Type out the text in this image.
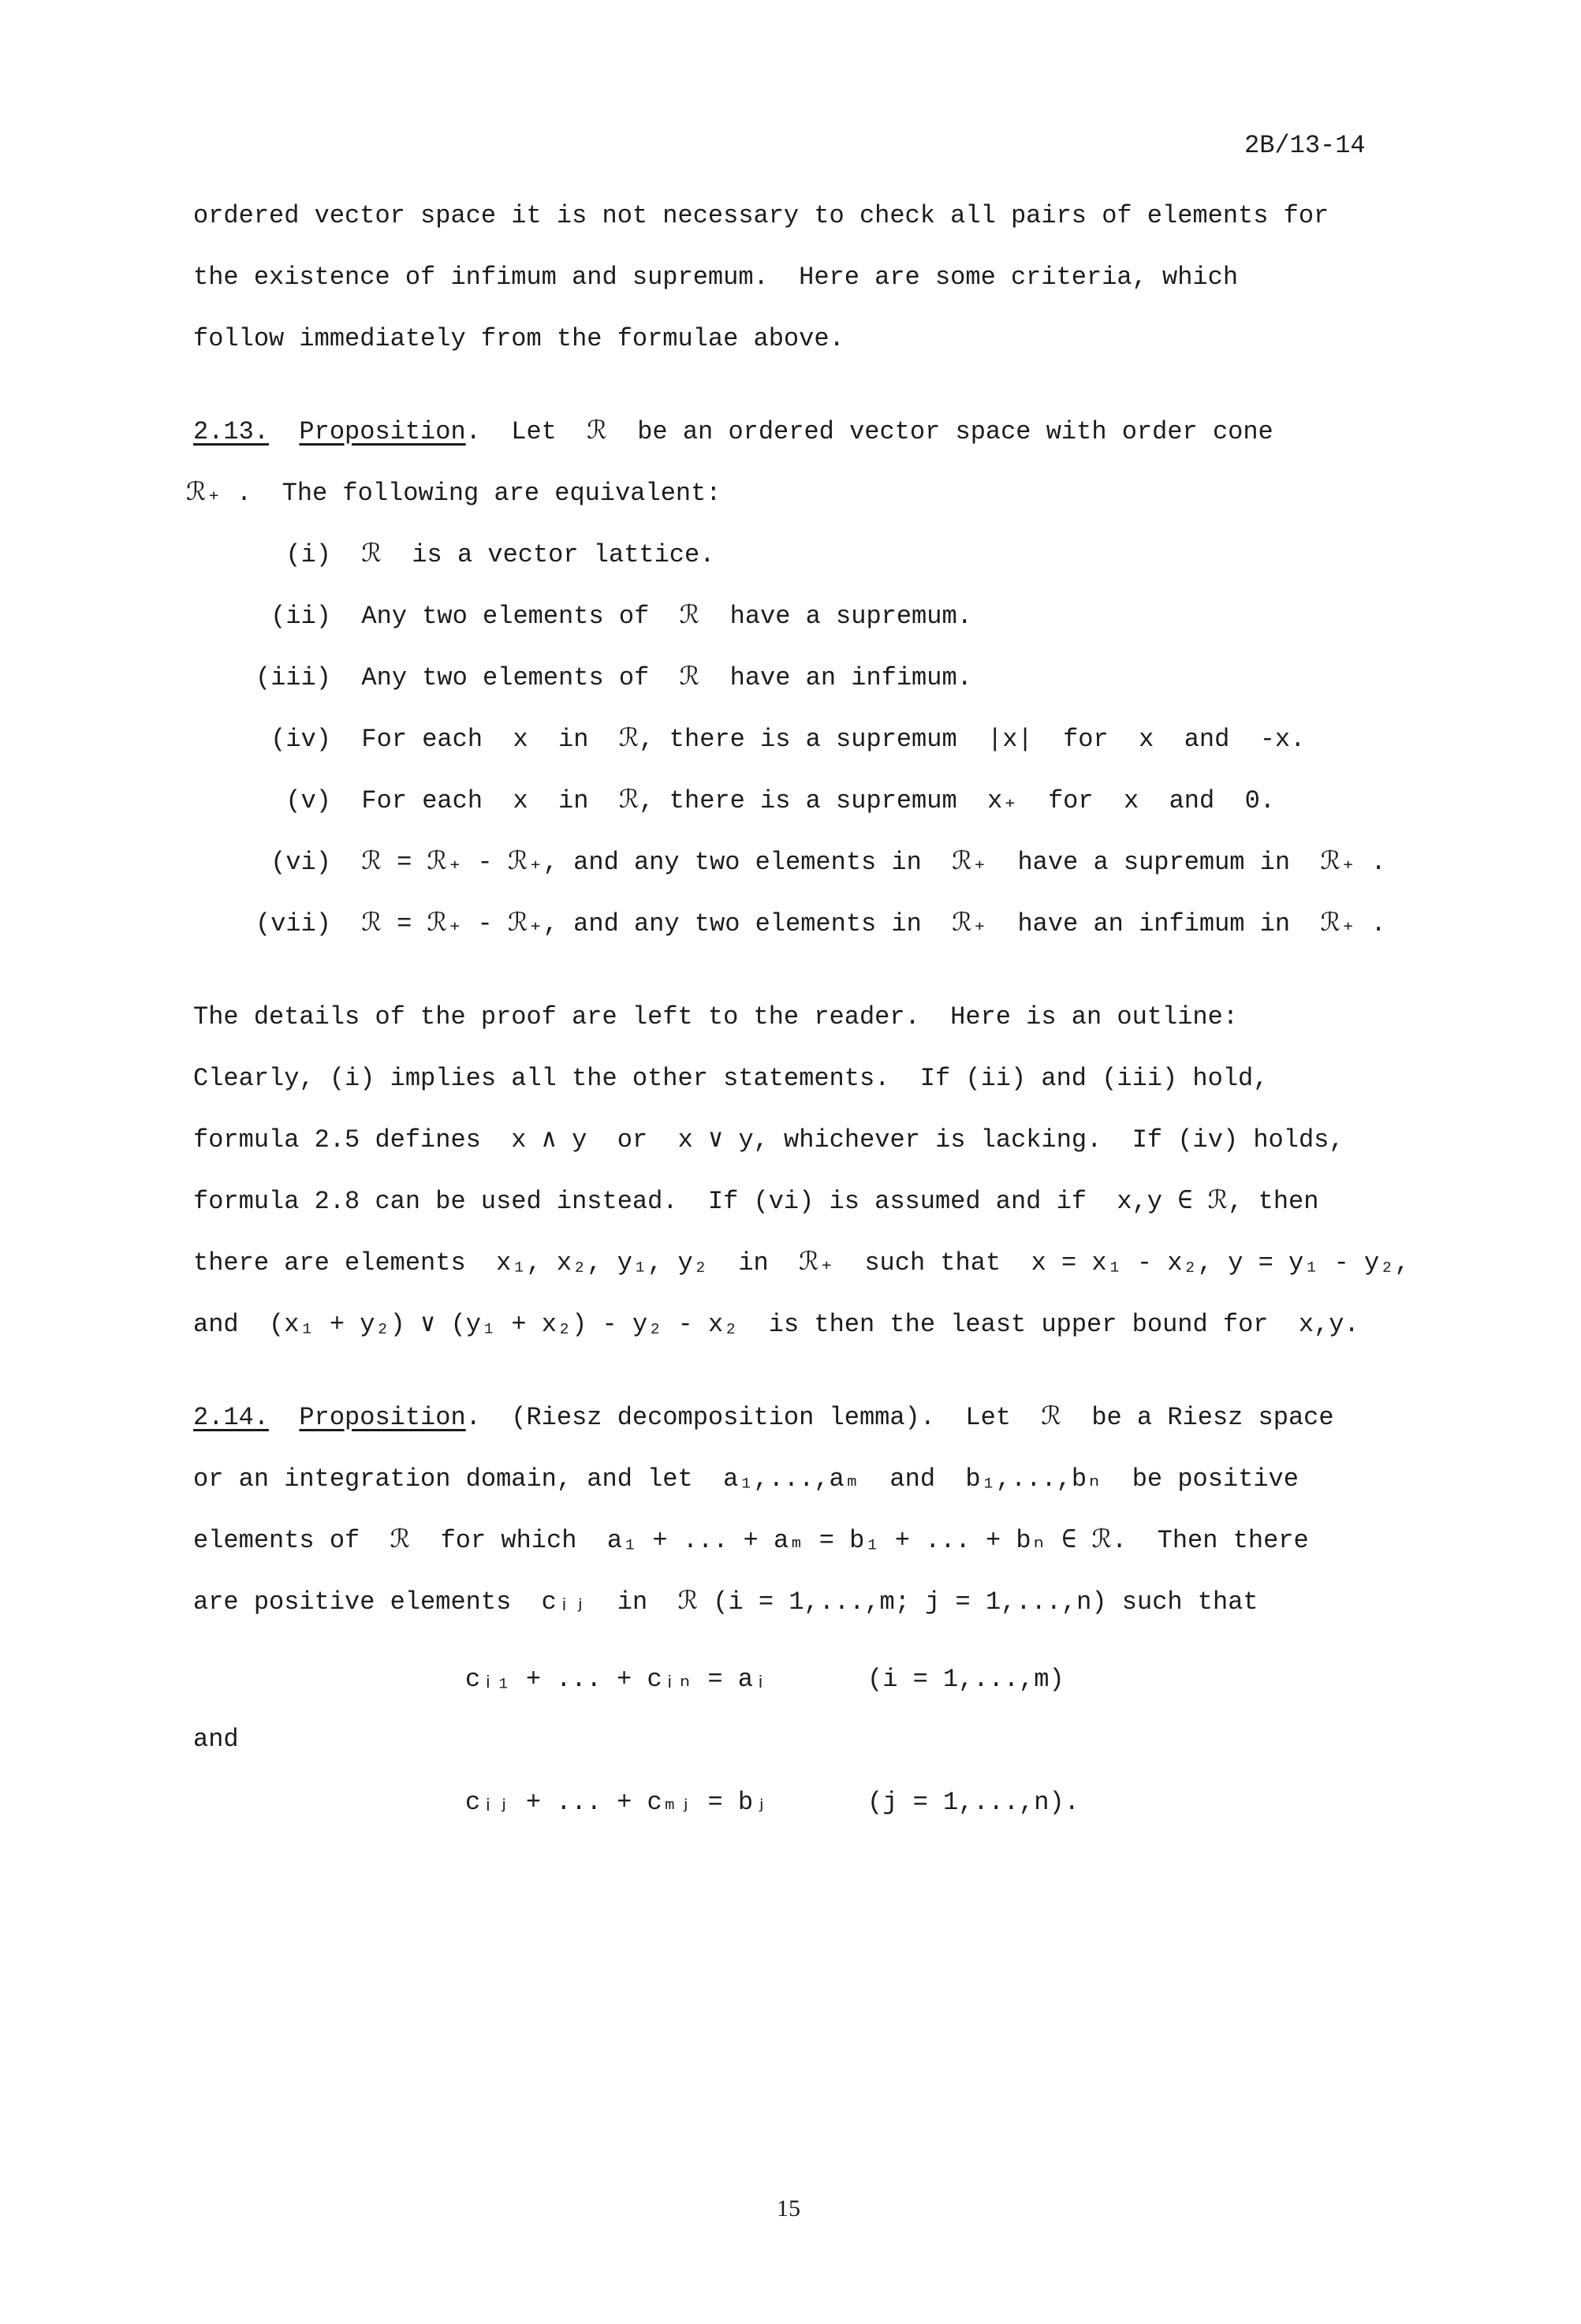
2B/13-14
ordered vector space it is not necessary to check all pairs of elements for
the existence of infimum and supremum.  Here are some criteria, which
follow immediately from the formulae above.
2.13. Proposition.  Let  ℛ  be an ordered vector space with order cone
ℛ₊ .  The following are equivalent:
(i) ℛ  is a vector lattice.
(ii) Any two elements of  ℛ  have a supremum.
(iii) Any two elements of  ℛ  have an infimum.
(iv) For each  x  in  ℛ, there is a supremum  |x|  for  x  and  -x.
(v) For each  x  in  ℛ, there is a supremum  x₊  for  x  and  0.
(vi) ℛ = ℛ₊ - ℛ₊, and any two elements in  ℛ₊  have a supremum in  ℛ₊ .
(vii) ℛ = ℛ₊ - ℛ₊, and any two elements in  ℛ₊  have an infimum in  ℛ₊ .
The details of the proof are left to the reader.  Here is an outline:
Clearly, (i) implies all the other statements.  If (ii) and (iii) hold,
formula 2.5 defines  x ∧ y  or  x ∨ y, whichever is lacking.  If (iv) holds,
formula 2.8 can be used instead.  If (vi) is assumed and if  x,y ∈ ℛ, then
there are elements  x₁, x₂, y₁, y₂  in  ℛ₊  such that  x = x₁ - x₂, y = y₁ - y₂,
and  (x₁ + y₂) ∨ (y₁ + x₂) - y₂ - x₂  is then the least upper bound for  x,y.
2.14. Proposition.  (Riesz decomposition lemma).  Let  ℛ  be a Riesz space
or an integration domain, and let  a₁,...,aₘ  and  b₁,...,bₙ  be positive
elements of  ℛ  for which  a₁ + ... + aₘ = b₁ + ... + bₙ ∈ ℛ.  Then there
are positive elements  cᵢⱼ  in  ℛ (i = 1,...,m; j = 1,...,n) such that
cᵢ₁ + ... + cᵢₙ = aᵢ	(i = 1,...,m)
and
cᵢⱼ + ... + cₘⱼ = bⱼ	(j = 1,...,n).
15
